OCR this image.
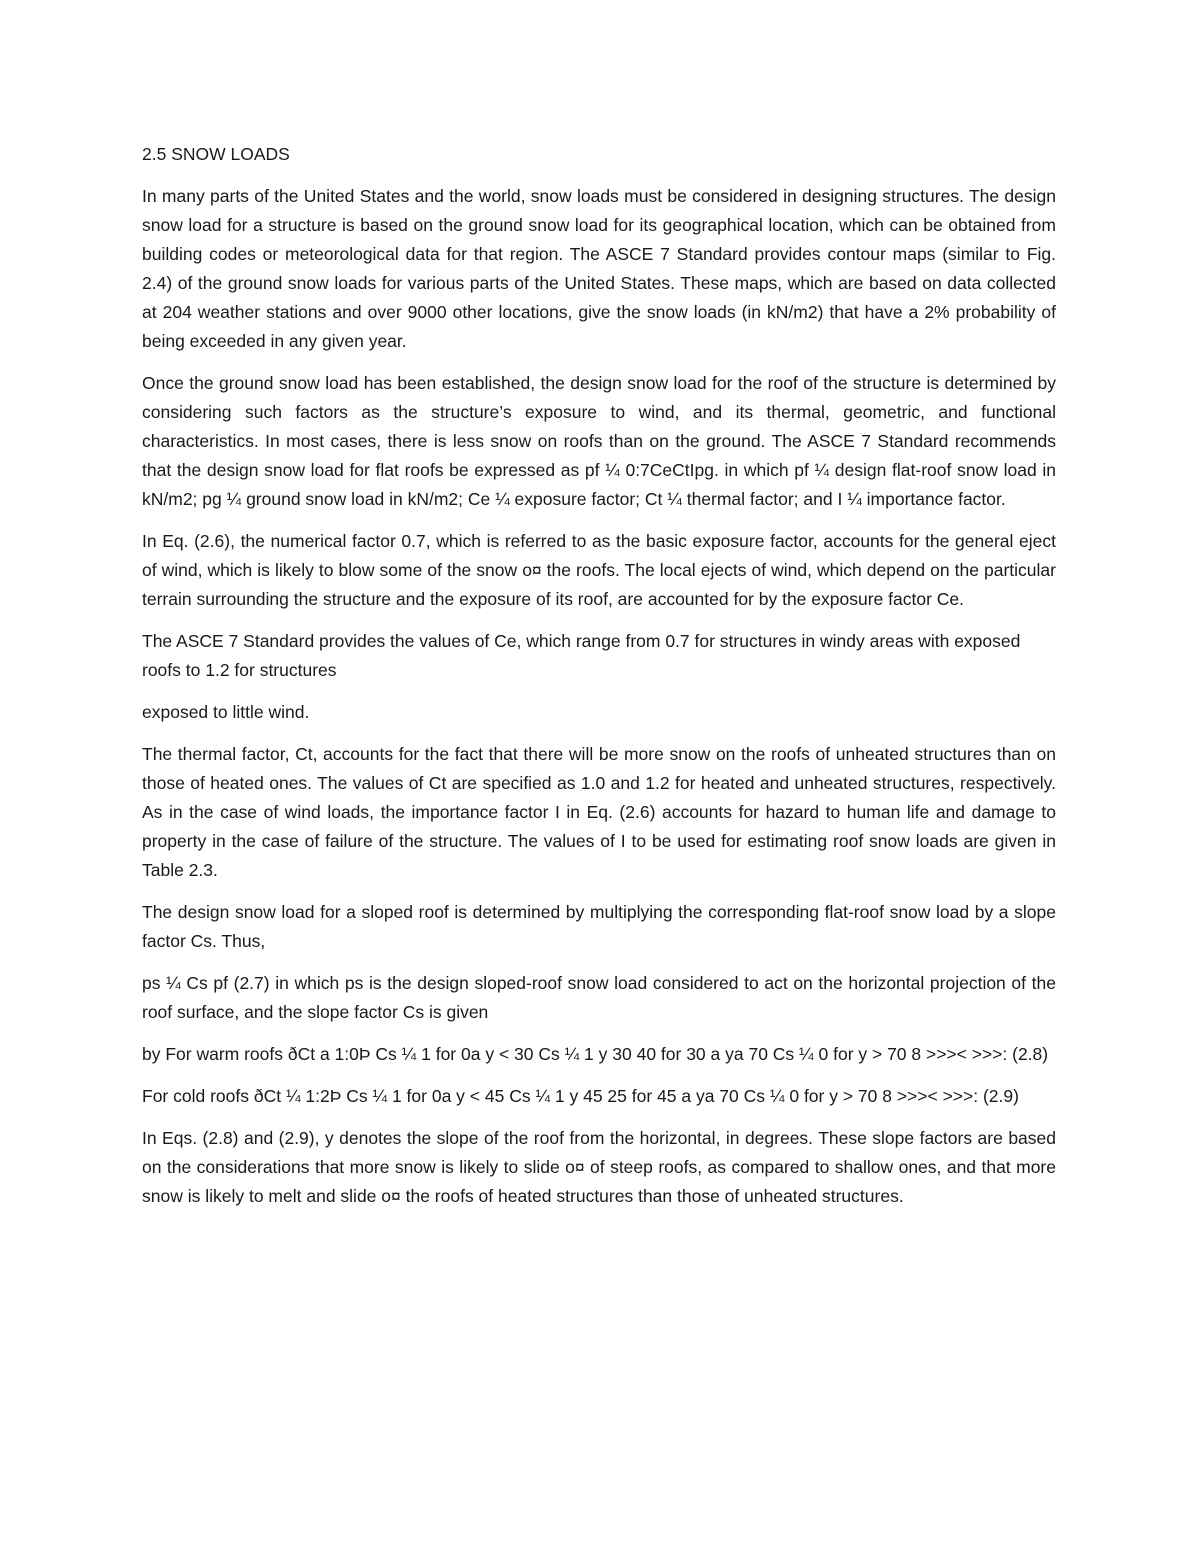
2.5 SNOW LOADS

In many parts of the United States and the world, snow loads must be considered in designing structures. The design snow load for a structure is based on the ground snow load for its geographical location, which can be obtained from building codes or meteorological data for that region. The ASCE 7 Standard provides contour maps (similar to Fig. 2.4) of the ground snow loads for various parts of the United States. These maps, which are based on data collected at 204 weather stations and over 9000 other locations, give the snow loads (in kN/m2) that have a 2% probability of being exceeded in any given year.

Once the ground snow load has been established, the design snow load for the roof of the structure is determined by considering such factors as the structure’s exposure to wind, and its thermal, geometric, and functional characteristics. In most cases, there is less snow on roofs than on the ground. The ASCE 7 Standard recommends that the design snow load for flat roofs be expressed as pf ¼ 0:7CeCtIpg. in which pf ¼ design flat-roof snow load in kN/m2; pg ¼ ground snow load in kN/m2; Ce ¼ exposure factor; Ct ¼ thermal factor; and I ¼ importance factor.

In Eq. (2.6), the numerical factor 0.7, which is referred to as the basic exposure factor, accounts for the general eject of wind, which is likely to blow some of the snow o¤ the roofs. The local ejects of wind, which depend on the particular terrain surrounding the structure and the exposure of its roof, are accounted for by the exposure factor Ce.

The ASCE 7 Standard provides the values of Ce, which range from 0.7 for structures in windy areas with exposed roofs to 1.2 for structures

exposed to little wind.

The thermal factor, Ct, accounts for the fact that there will be more snow on the roofs of unheated structures than on those of heated ones. The values of Ct are specified as 1.0 and 1.2 for heated and unheated structures, respectively. As in the case of wind loads, the importance factor I in Eq. (2.6) accounts for hazard to human life and damage to property in the case of failure of the structure. The values of I to be used for estimating roof snow loads are given in Table 2.3.

The design snow load for a sloped roof is determined by multiplying the corresponding flat-roof snow load by a slope factor Cs. Thus,

ps ¼ Cs pf (2.7) in which ps is the design sloped-roof snow load considered to act on the horizontal projection of the roof surface, and the slope factor Cs is given

by For warm roofs ðCt a 1:0Þ Cs ¼ 1 for 0a y < 30 Cs ¼ 1 y 30 40 for 30 a ya 70 Cs ¼ 0 for y > 70 8 >>>< >>>: (2.8)

For cold roofs ðCt ¼ 1:2Þ Cs ¼ 1 for 0a y < 45 Cs ¼ 1 y 45 25 for 45 a ya 70 Cs ¼ 0 for y > 70 8 >>>< >>>: (2.9)

In Eqs. (2.8) and (2.9), y denotes the slope of the roof from the horizontal, in degrees. These slope factors are based on the considerations that more snow is likely to slide o¤ of steep roofs, as compared to shallow ones, and that more snow is likely to melt and slide o¤ the roofs of heated structures than those of unheated structures.
